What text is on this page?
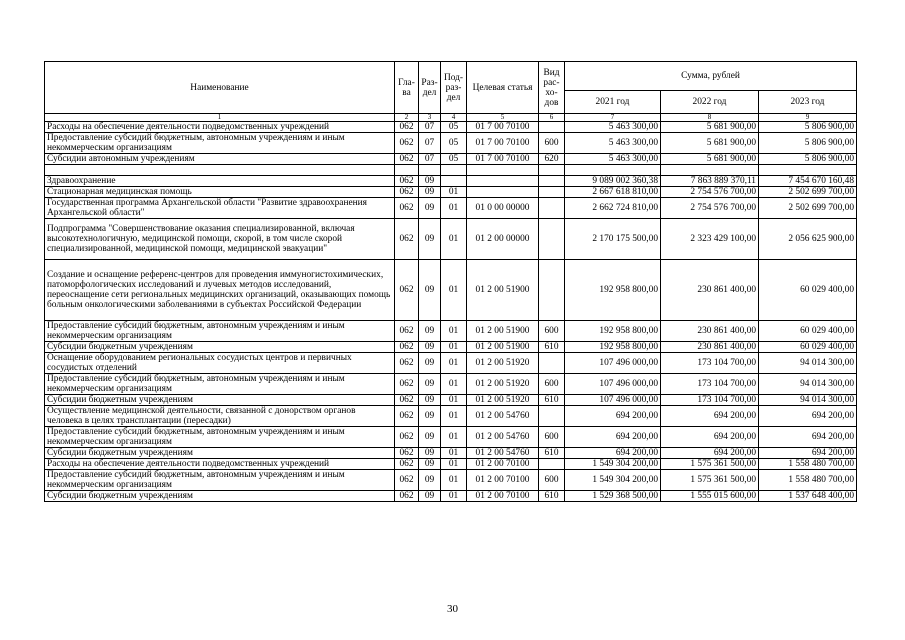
Наименование	Гла-ва	Раз-дел	Под-раз-дел	Целевая статья	Вид рас-хо-дов	Сумма, рублей		
						2021 год	2022 год	2023 год
1	2	3	4	5	6	7	8	9
Расходы на обеспечение деятельности подведомственных учреждений	062	07	05	01 7 00 70100		5 463 300,00	5 681 900,00	5 806 900,00
Предоставление субсидий бюджетным, автономным учреждениям и иным некоммерческим организациям	062	07	05	01 7 00 70100	600	5 463 300,00	5 681 900,00	5 806 900,00
Субсидии автономным учреждениям	062	07	05	01 7 00 70100	620	5 463 300,00	5 681 900,00	5 806 900,00

Здравоохранение	062	09				9 089 002 360,38	7 863 889 370,11	7 454 670 160,48
Стационарная медицинская помощь	062	09	01			2 667 618 810,00	2 754 576 700,00	2 502 699 700,00
Государственная программа Архангельской области "Развитие здравоохранения Архангельской области"	062	09	01	01 0 00 00000		2 662 724 810,00	2 754 576 700,00	2 502 699 700,00
Подпрограмма "Совершенствование оказания специализированной, включая высокотехнологичную, медицинской помощи, скорой, в том числе скорой специализированной, медицинской помощи, медицинской эвакуации"	062	09	01	01 2 00 00000		2 170 175 500,00	2 323 429 100,00	2 056 625 900,00
Создание и оснащение референс-центров для проведения иммуногистохимических, патоморфологических исследований и лучевых методов исследований, переоснащение сети региональных медицинских организаций, оказывающих помощь больным онкологическими заболеваниями в субъектах Российской Федерации	062	09	01	01 2 00 51900		192 958 800,00	230 861 400,00	60 029 400,00
Предоставление субсидий бюджетным, автономным учреждениям и иным некоммерческим организациям	062	09	01	01 2 00 51900	600	192 958 800,00	230 861 400,00	60 029 400,00
Субсидии бюджетным учреждениям	062	09	01	01 2 00 51900	610	192 958 800,00	230 861 400,00	60 029 400,00
Оснащение оборудованием региональных сосудистых центров и первичных сосудистых отделений	062	09	01	01 2 00 51920		107 496 000,00	173 104 700,00	94 014 300,00
Предоставление субсидий бюджетным, автономным учреждениям и иным некоммерческим организациям	062	09	01	01 2 00 51920	600	107 496 000,00	173 104 700,00	94 014 300,00
Субсидии бюджетным учреждениям	062	09	01	01 2 00 51920	610	107 496 000,00	173 104 700,00	94 014 300,00
Осуществление медицинской деятельности, связанной с донорством органов человека в целях трансплантации (пересадки)	062	09	01	01 2 00 54760		694 200,00	694 200,00	694 200,00
Предоставление субсидий бюджетным, автономным учреждениям и иным некоммерческим организациям	062	09	01	01 2 00 54760	600	694 200,00	694 200,00	694 200,00
Субсидии бюджетным учреждениям	062	09	01	01 2 00 54760	610	694 200,00	694 200,00	694 200,00
Расходы на обеспечение деятельности подведомственных учреждений	062	09	01	01 2 00 70100		1 549 304 200,00	1 575 361 500,00	1 558 480 700,00
Предоставление субсидий бюджетным, автономным учреждениям и иным некоммерческим организациям	062	09	01	01 2 00 70100	600	1 549 304 200,00	1 575 361 500,00	1 558 480 700,00
Субсидии бюджетным учреждениям	062	09	01	01 2 00 70100	610	1 529 368 500,00	1 555 015 600,00	1 537 648 400,00
30
